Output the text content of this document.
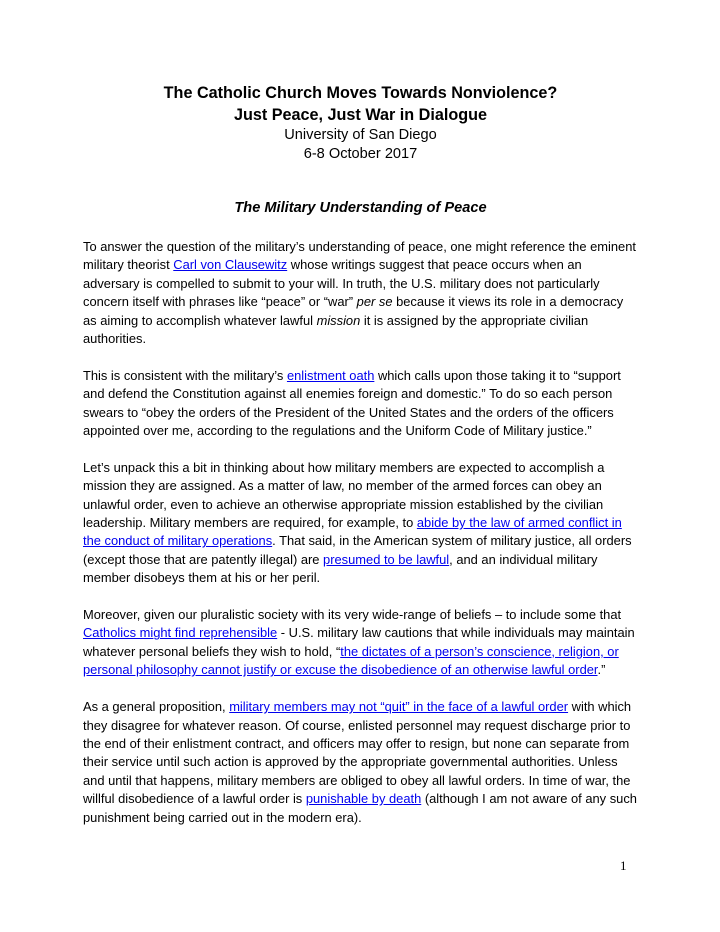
The Catholic Church Moves Towards Nonviolence?

Just Peace, Just War in Dialogue

University of San Diego

6-8 October 2017

The Military Understanding of Peace

To answer the question of the military’s understanding of peace, one might reference the eminent military theorist Carl von Clausewitz whose writings suggest that peace occurs when an adversary is compelled to submit to your will. In truth, the U.S. military does not particularly concern itself with phrases like “peace” or “war” per se because it views its role in a democracy as aiming to accomplish whatever lawful mission it is assigned by the appropriate civilian authorities.

This is consistent with the military’s enlistment oath which calls upon those taking it to “support and defend the Constitution against all enemies foreign and domestic.” To do so each person swears to “obey the orders of the President of the United States and the orders of the officers appointed over me, according to the regulations and the Uniform Code of Military justice.”

Let’s unpack this a bit in thinking about how military members are expected to accomplish a mission they are assigned. As a matter of law, no member of the armed forces can obey an unlawful order, even to achieve an otherwise appropriate mission established by the civilian leadership. Military members are required, for example, to abide by the law of armed conflict in the conduct of military operations. That said, in the American system of military justice, all orders (except those that are patently illegal) are presumed to be lawful, and an individual military member disobeys them at his or her peril.

Moreover, given our pluralistic society with its very wide-range of beliefs – to include some that Catholics might find reprehensible - U.S. military law cautions that while individuals may maintain whatever personal beliefs they wish to hold, “the dictates of a person’s conscience, religion, or personal philosophy cannot justify or excuse the disobedience of an otherwise lawful order.”

As a general proposition, military members may not “quit” in the face of a lawful order with which they disagree for whatever reason. Of course, enlisted personnel may request discharge prior to the end of their enlistment contract, and officers may offer to resign, but none can separate from their service until such action is approved by the appropriate governmental authorities. Unless and until that happens, military members are obliged to obey all lawful orders. In time of war, the willful disobedience of a lawful order is punishable by death (although I am not aware of any such punishment being carried out in the modern era).

1
